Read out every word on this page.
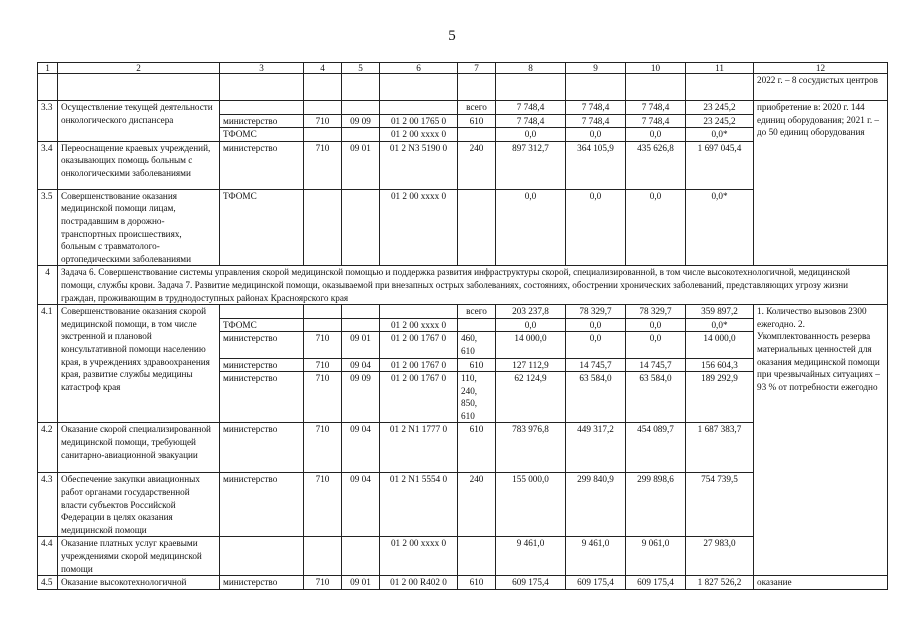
5
1	2	3	4	5	6	7	8	9	10	11	12
											2022 г. – 8 сосудистых центров
3.3	Осуществление текущей деятельности онкологического диспансера					всего	7 748,4	7 748,4	7 748,4	23 245,2	приобретение в: 2020 г. 144 единиц оборудования; 2021 г. – до 50 единиц оборудования
		министерство	710	09 09	01 2 00 1765 0	610	7 748,4	7 748,4	7 748,4	23 245,2	
		ТФОМС			01 2 00 хххх 0		0,0	0,0	0,0	0,0*	
3.4	Переоснащение краевых учреждений, оказывающих помощь больным с онкологическими заболеваниями	министерство	710	09 01	01 2 N3 5190 0	240	897 312,7	364 105,9	435 626,8	1 697 045,4	
3.5	Совершенствование оказания медицинской помощи лицам, пострадавшим в дорожно-транспортных происшествиях, больным с травматолого-ортопедическими заболеваниями	ТФОМС			01 2 00 хххх 0		0,0	0,0	0,0	0,0*	
4	Задача 6. Совершенствование системы управления скорой медицинской помощью и поддержка развития инфраструктуры скорой, специализированной, в том числе высокотехнологичной, медицинской помощи, службы крови. Задача 7. Развитие медицинской помощи, оказываемой при внезапных острых заболеваниях, состояниях, обострении хронических заболеваний, представляющих угрозу жизни граждан, проживающим в труднодоступных районах Красноярского края										
4.1	Совершенствование оказания скорой медицинской помощи, в том числе экстренной и плановой консультативной помощи населению края, в учреждениях здравоохранения края, развитие службы медицины катастроф края					всего	203 237,8	78 329,7	78 329,7	359 897,2	1. Количество вызовов 2300 ежегодно. 2. Укомплектованность резерва материальных ценностей для оказания медицинской помощи при чрезвычайных ситуациях – 93 % от потребности ежегодно
		ТФОМС			01 2 00 хххх 0		0,0	0,0	0,0	0,0*	
		министерство	710	09 01	01 2 00 1767 0	460, 610	14 000,0	0,0	0,0	14 000,0	
		министерство	710	09 04	01 2 00 1767 0	610	127 112,9	14 745,7	14 745,7	156 604,3	
		министерство	710	09 09	01 2 00 1767 0	110, 240, 850, 610	62 124,9	63 584,0	63 584,0	189 292,9	
4.2	Оказание скорой специализированной медицинской помощи, требующей санитарно-авиационной эвакуации	министерство	710	09 04	01 2 N1 1777 0	610	783 976,8	449 317,2	454 089,7	1 687 383,7	
4.3	Обеспечение закупки авиационных работ органами государственной власти субъектов Российской Федерации в целях оказания медицинской помощи	министерство	710	09 04	01 2 N1 5554 0	240	155 000,0	299 840,9	299 898,6	754 739,5	
4.4	Оказание платных услуг краевыми учреждениями скорой медицинской помощи				01 2 00 хххх 0		9 461,0	9 461,0	9 061,0	27 983,0	
4.5	Оказание высокотехнологичной	министерство	710	09 01	01 2 00 R402 0	610	609 175,4	609 175,4	609 175,4	1 827 526,2	оказание
